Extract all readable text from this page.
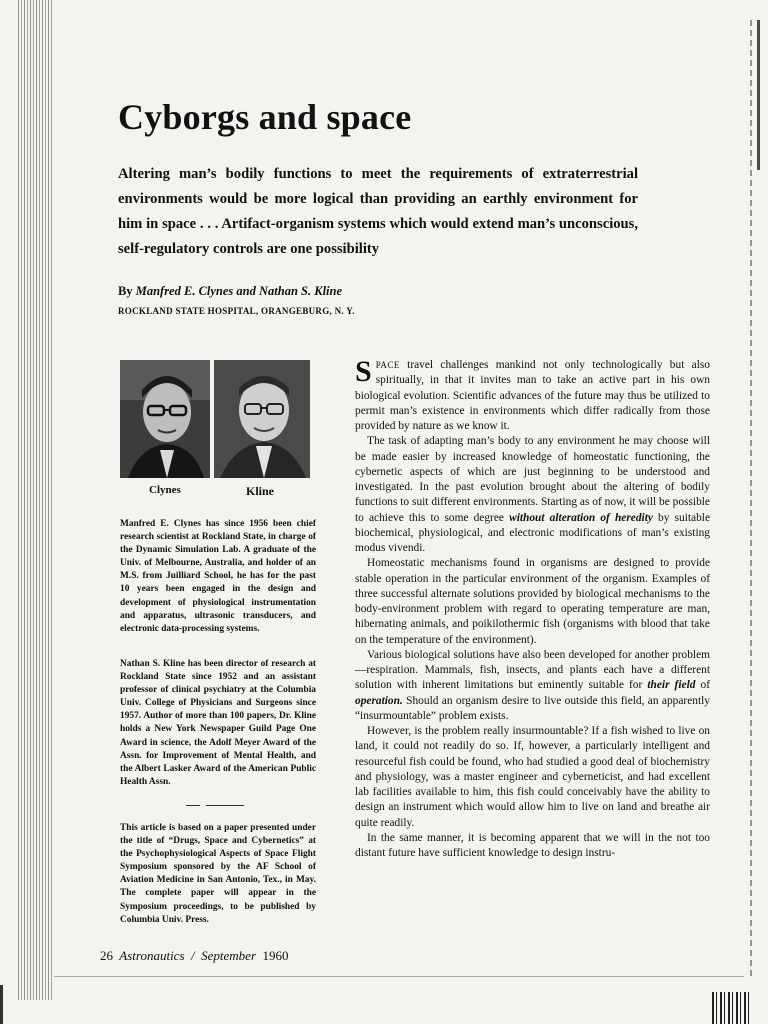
Cyborgs and space

Altering man’s bodily functions to meet the requirements of extraterrestrial environments would be more logical than providing an earthly environment for him in space . . . Artifact-organism systems which would extend man’s unconscious, self-regulatory controls are one possibility

By Manfred E. Clynes and Nathan S. Kline
ROCKLAND STATE HOSPITAL, ORANGEBURG, N. Y.
Clynes	Kline

Manfred E. Clynes has since 1956 been chief research scientist at Rockland State, in charge of the Dynamic Simulation Lab. A graduate of the Univ. of Melbourne, Australia, and holder of an M.S. from Juilliard School, he has for the past 10 years been engaged in the design and development of physiological instrumentation and apparatus, ultrasonic transducers, and electronic data-processing systems.

Nathan S. Kline has been director of research at Rockland State since 1952 and an assistant professor of clinical psychiatry at the Columbia Univ. College of Physicians and Surgeons since 1957. Author of more than 100 papers, Dr. Kline holds a New York Newspaper Guild Page One Award in science, the Adolf Meyer Award of the Assn. for Improvement of Mental Health, and the Albert Lasker Award of the American Public Health Assn.

This article is based on a paper presented under the title of “Drugs, Space and Cybernetics” at the Psychophysiological Aspects of Space Flight Symposium sponsored by the AF School of Aviation Medicine in San Antonio, Tex., in May. The complete paper will appear in the Symposium proceedings, to be published by Columbia Univ. Press.

SPACE travel challenges mankind not only technologically but also spiritually, in that it invites man to take an active part in his own biological evolution. Scientific advances of the future may thus be utilized to permit man’s existence in environments which differ radically from those provided by nature as we know it.

The task of adapting man’s body to any environment he may choose will be made easier by increased knowledge of homeostatic functioning, the cybernetic aspects of which are just beginning to be understood and investigated. In the past evolution brought about the altering of bodily functions to suit different environments. Starting as of now, it will be possible to achieve this to some degree without alteration of heredity by suitable biochemical, physiological, and electronic modifications of man’s existing modus vivendi.

Homeostatic mechanisms found in organisms are designed to provide stable operation in the particular environment of the organism. Examples of three successful alternate solutions provided by biological mechanisms to the body-environment problem with regard to operating temperature are man, hibernating animals, and poikilothermic fish (organisms with blood that take on the temperature of the environment).

Various biological solutions have also been developed for another problem—respiration. Mammals, fish, insects, and plants each have a different solution with inherent limitations but eminently suitable for their field of operation. Should an organism desire to live outside this field, an apparently “insurmountable” problem exists.

However, is the problem really insurmountable? If a fish wished to live on land, it could not readily do so. If, however, a particularly intelligent and resourceful fish could be found, who had studied a good deal of biochemistry and physiology, was a master engineer and cyberneticist, and had excellent lab facilities available to him, this fish could conceivably have the ability to design an instrument which would allow him to live on land and breathe air quite readily.

In the same manner, it is becoming apparent that we will in the not too distant future have sufficient knowledge to design instru-

26 Astronautics / September 1960
